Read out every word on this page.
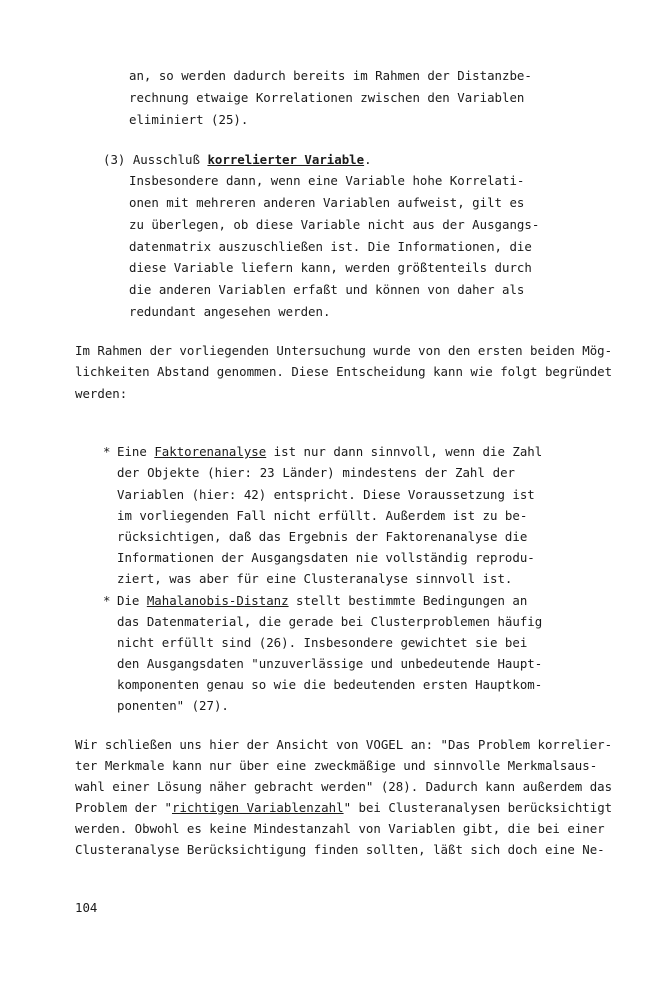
an, so werden dadurch bereits im Rahmen der Distanzbe-
rechnung etwaige Korrelationen zwischen den Variablen
eliminiert (25).
(3) Ausschluß korrelierter Variable.
Insbesondere dann, wenn eine Variable hohe Korrelati-
onen mit mehreren anderen Variablen aufweist, gilt es
zu überlegen, ob diese Variable nicht aus der Ausgangs-
datenmatrix auszuschließen ist. Die Informationen, die
diese Variable liefern kann, werden größtenteils durch
die anderen Variablen erfaßt und können von daher als
redundant angesehen werden.
Im Rahmen der vorliegenden Untersuchung wurde von den ersten beiden Mög-
lichkeiten Abstand genommen. Diese Entscheidung kann wie folgt begründet
werden:
* Eine Faktorenanalyse ist nur dann sinnvoll, wenn die Zahl
der Objekte (hier: 23 Länder) mindestens der Zahl der
Variablen (hier: 42) entspricht. Diese Voraussetzung ist
im vorliegenden Fall nicht erfüllt. Außerdem ist zu be-
rücksichtigen, daß das Ergebnis der Faktorenanalyse die
Informationen der Ausgangsdaten nie vollständig reprodu-
ziert, was aber für eine Clusteranalyse sinnvoll ist.
* Die Mahalanobis-Distanz stellt bestimmte Bedingungen an
das Datenmaterial, die gerade bei Clusterproblemen häufig
nicht erfüllt sind (26). Insbesondere gewichtet sie bei
den Ausgangsdaten "unzuverlässige und unbedeutende Haupt-
komponenten genau so wie die bedeutenden ersten Hauptkom-
ponenten" (27).
Wir schließen uns hier der Ansicht von VOGEL an: "Das Problem korrelier-
ter Merkmale kann nur über eine zweckmäßige und sinnvolle Merkmalsaus-
wahl einer Lösung näher gebracht werden" (28). Dadurch kann außerdem das
Problem der "richtigen Variablenzahl" bei Clusteranalysen berücksichtigt
werden. Obwohl es keine Mindestanzahl von Variablen gibt, die bei einer
Clusteranalyse Berücksichtigung finden sollten, läßt sich doch eine Ne-
104
